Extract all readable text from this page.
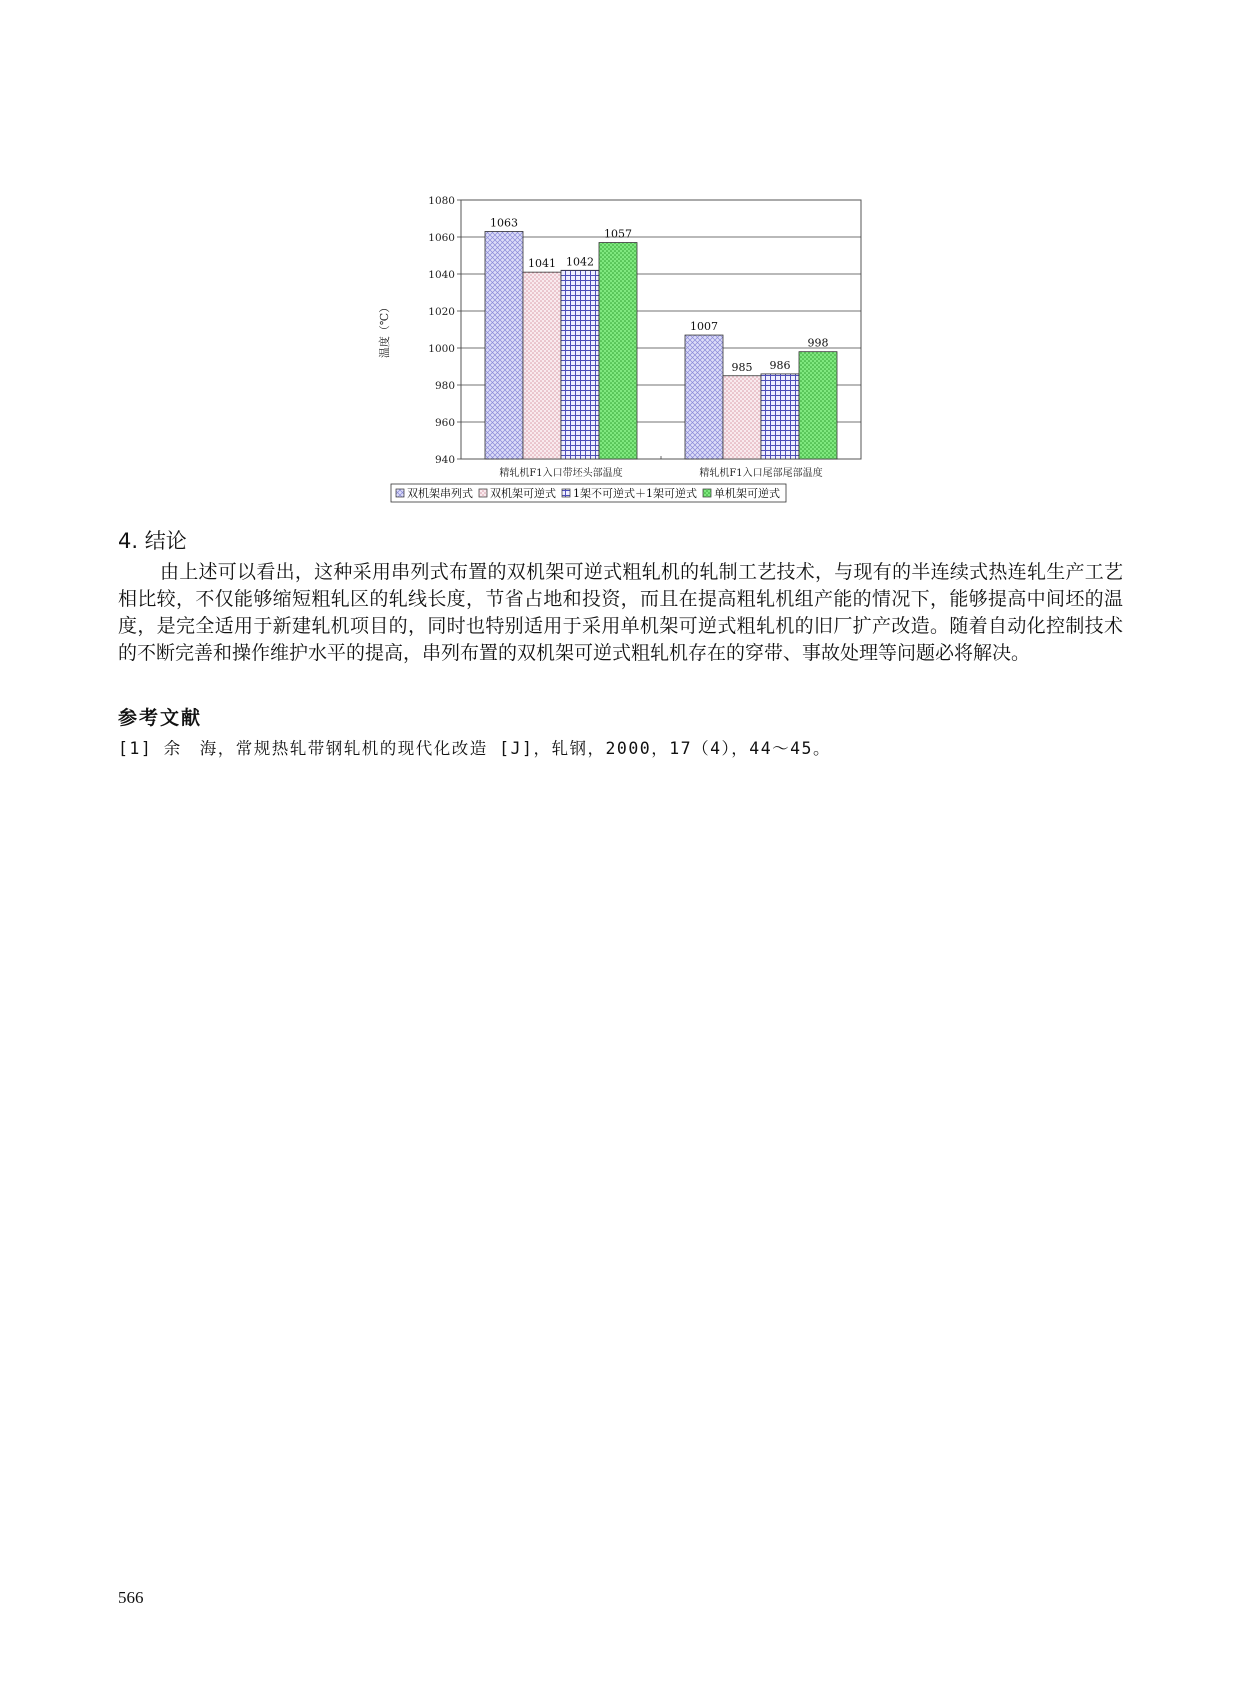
940
960
980
1000
1020
1040
1060
1080
1063
1041 1042
1057
1007
985 986
998
精轧机F1入口带坯头部温度	精轧机F1入口尾部尾部温度
温度（℃）
双机架串列式 双机架可逆式 1架不可逆式＋1架可逆式 单机架可逆式
4. 结论

由上述可以看出，这种采用串列式布置的双机架可逆式粗轧机的轧制工艺技术，与现有的半连续式热连轧生产工艺相比较，不仅能够缩短粗轧区的轧线长度，节省占地和投资，而且在提高粗轧机组产能的情况下，能够提高中间坯的温度，是完全适用于新建轧机项目的，同时也特别适用于采用单机架可逆式粗轧机的旧厂扩产改造。随着自动化控制技术的不断完善和操作维护水平的提高，串列布置的双机架可逆式粗轧机存在的穿带、事故处理等问题必将解决。

参考文献

[1] 余　海，常规热轧带钢轧机的现代化改造 [J]，轧钢，2000，17（4），44～45。

566
